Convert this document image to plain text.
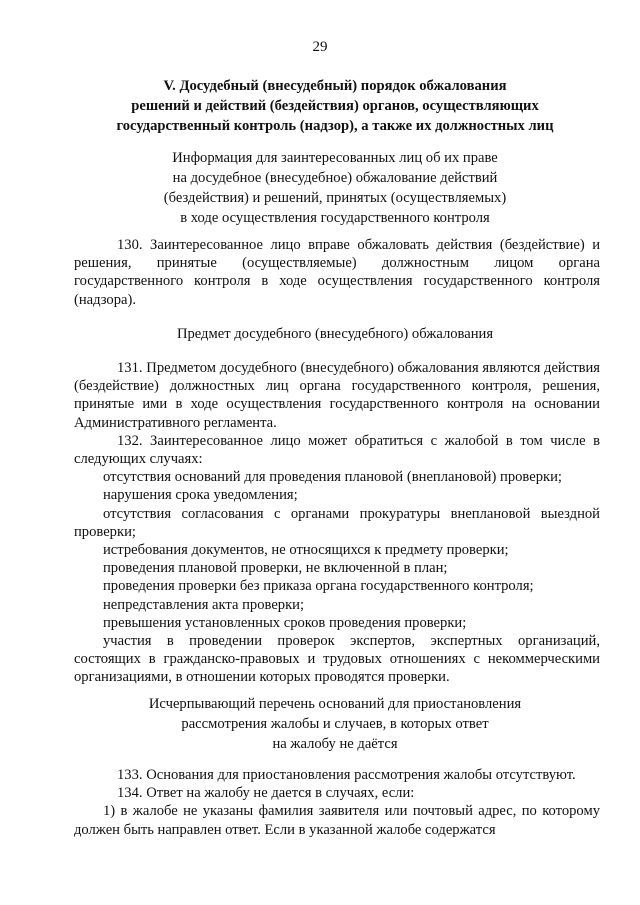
29
V. Досудебный (внесудебный) порядок обжалования
решений и действий (бездействия) органов, осуществляющих
государственный контроль (надзор), а также их должностных лиц
Информация для заинтересованных лиц об их праве
на досудебное (внесудебное) обжалование действий
(бездействия) и решений, принятых (осуществляемых)
в ходе осуществления государственного контроля

130. Заинтересованное лицо вправе обжаловать действия (бездействие) и решения, принятые (осуществляемые) должностным лицом органа государственного контроля в ходе осуществления государственного контроля (надзора).

Предмет досудебного (внесудебного) обжалования

131. Предметом досудебного (внесудебного) обжалования являются действия (бездействие) должностных лиц органа государственного контроля, решения, принятые ими в ходе осуществления государственного контроля на основании Административного регламента.

132. Заинтересованное лицо может обратиться с жалобой в том числе в следующих случаях:

отсутствия оснований для проведения плановой (внеплановой) проверки;

нарушения срока уведомления;

отсутствия согласования с органами прокуратуры внеплановой выездной проверки;

истребования документов, не относящихся к предмету проверки;

проведения плановой проверки, не включенной в план;

проведения проверки без приказа органа государственного контроля;

непредставления акта проверки;

превышения установленных сроков проведения проверки;

участия в проведении проверок экспертов, экспертных организаций, состоящих в гражданско-правовых и трудовых отношениях с некоммерческими организациями, в отношении которых проводятся проверки.

Исчерпывающий перечень оснований для приостановления
рассмотрения жалобы и случаев, в которых ответ
на жалобу не даётся

133. Основания для приостановления рассмотрения жалобы отсутствуют.

134. Ответ на жалобу не дается в случаях, если:

1) в жалобе не указаны фамилия заявителя или почтовый адрес, по которому должен быть направлен ответ. Если в указанной жалобе содержатся
